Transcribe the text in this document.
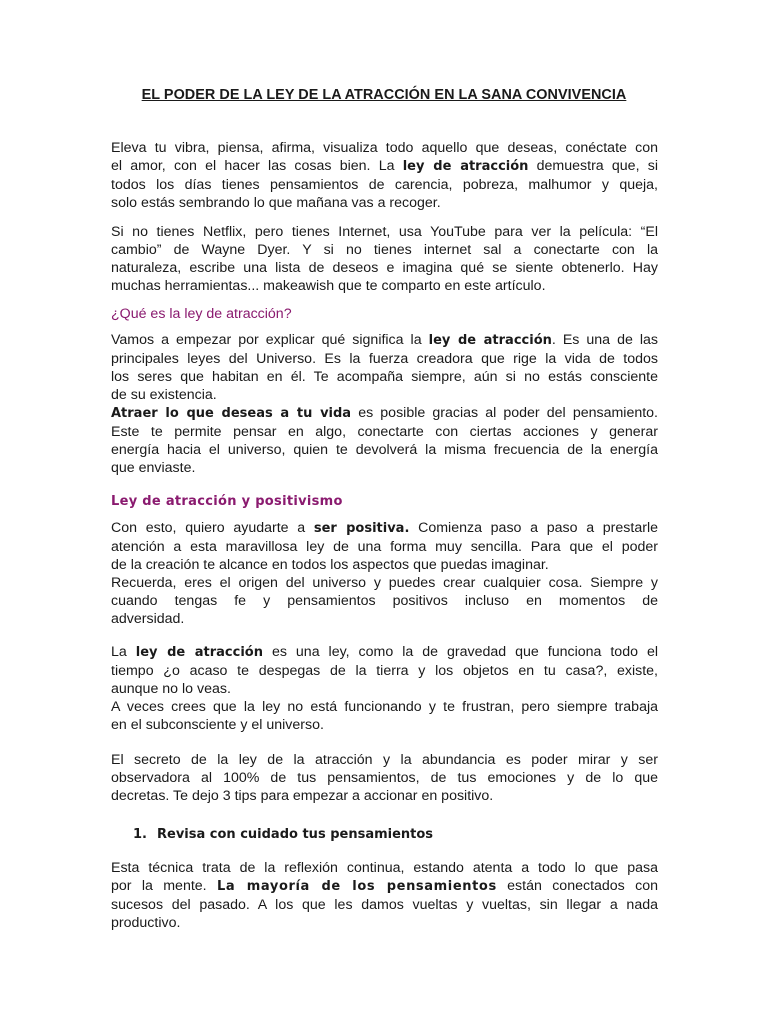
EL PODER DE LA LEY DE LA ATRACCIÓN EN LA SANA CONVIVENCIA
Eleva tu vibra, piensa, afirma, visualiza todo aquello que deseas, conéctate con
el amor, con el hacer las cosas bien. La ley de atracción demuestra que, si
todos los días tienes pensamientos de carencia, pobreza, malhumor y queja,
solo estás sembrando lo que mañana vas a recoger.
Si no tienes Netflix, pero tienes Internet, usa YouTube para ver la película: “El
cambio” de Wayne Dyer. Y si no tienes internet sal a conectarte con la
naturaleza, escribe una lista de deseos e imagina qué se siente obtenerlo. Hay
muchas herramientas... makeawish que te comparto en este artículo.
¿Qué es la ley de atracción?
Vamos a empezar por explicar qué significa la ley de atracción. Es una de las
principales leyes del Universo. Es la fuerza creadora que rige la vida de todos
los seres que habitan en él. Te acompaña siempre, aún si no estás consciente
de su existencia.
Atraer lo que deseas a tu vida es posible gracias al poder del pensamiento.
Este te permite pensar en algo, conectarte con ciertas acciones y generar
energía hacia el universo, quien te devolverá la misma frecuencia de la energía
que enviaste.
Ley de atracción y positivismo
Con esto, quiero ayudarte a ser positiva. Comienza paso a paso a prestarle
atención a esta maravillosa ley de una forma muy sencilla. Para que el poder
de la creación te alcance en todos los aspectos que puedas imaginar.
Recuerda, eres el origen del universo y puedes crear cualquier cosa. Siempre y
cuando tengas fe y pensamientos positivos incluso en momentos de
adversidad.
La ley de atracción es una ley, como la de gravedad que funciona todo el
tiempo ¿o acaso te despegas de la tierra y los objetos en tu casa?, existe,
aunque no lo veas.
A veces crees que la ley no está funcionando y te frustran, pero siempre trabaja
en el subconsciente y el universo.
El secreto de la ley de la atracción y la abundancia es poder mirar y ser
observadora al 100% de tus pensamientos, de tus emociones y de lo que
decretas. Te dejo 3 tips para empezar a accionar en positivo.
1. Revisa con cuidado tus pensamientos
Esta técnica trata de la reflexión continua, estando atenta a todo lo que pasa
por la mente. La mayoría de los pensamientos están conectados con
sucesos del pasado. A los que les damos vueltas y vueltas, sin llegar a nada
productivo.
